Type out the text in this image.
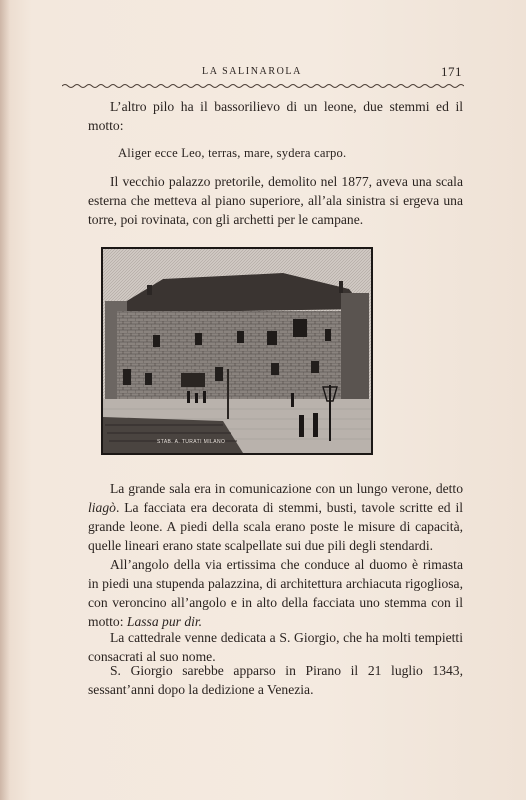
LA SALINAROLA	171

L’altro pilo ha il bassorilievo di un leone, due stemmi ed il motto:

Aliger ecce Leo, terras, mare, sydera carpo.

Il vecchio palazzo pretorile, demolito nel 1877, aveva una scala esterna che metteva al piano superiore, all’ala sinistra si ergeva una torre, poi rovinata, con gli archetti per le campane.

STAB. A. TURATI MILANO

La grande sala era in comunicazione con un lungo verone, detto liagò. La facciata era decorata di stemmi, busti, tavole scritte ed il grande leone. A piedi della scala erano poste le misure di capacità, quelle lineari erano state scalpellate sui due pili degli stendardi.

All’angolo della via ertissima che conduce al duomo è rimasta in piedi una stupenda palazzina, di architettura archiacuta rigogliosa, con veroncino all’angolo e in alto della facciata uno stemma con il motto: Lassa pur dir.

La cattedrale venne dedicata a S. Giorgio, che ha molti tempietti consacrati al suo nome.

S. Giorgio sarebbe apparso in Pirano il 21 luglio 1343, sessant’anni dopo la dedizione a Venezia.
